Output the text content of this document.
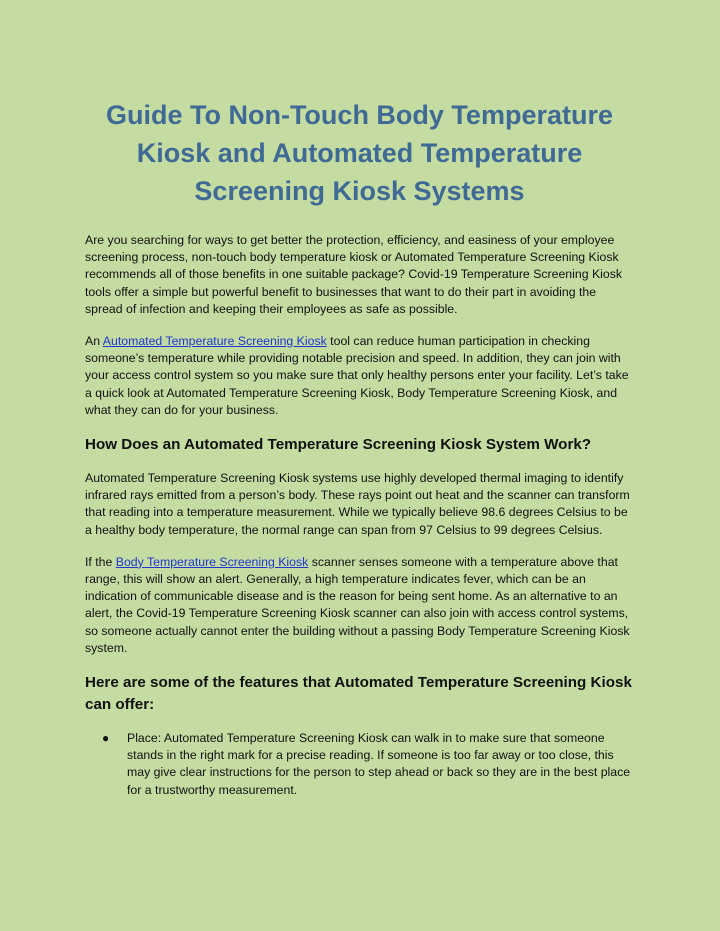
Guide To Non-Touch Body Temperature Kiosk and Automated Temperature Screening Kiosk Systems

Are you searching for ways to get better the protection, efficiency, and easiness of your employee screening process, non-touch body temperature kiosk or Automated Temperature Screening Kiosk recommends all of those benefits in one suitable package? Covid-19 Temperature Screening Kiosk tools offer a simple but powerful benefit to businesses that want to do their part in avoiding the spread of infection and keeping their employees as safe as possible.

An Automated Temperature Screening Kiosk tool can reduce human participation in checking someone’s temperature while providing notable precision and speed. In addition, they can join with your access control system so you make sure that only healthy persons enter your facility. Let’s take a quick look at Automated Temperature Screening Kiosk, Body Temperature Screening Kiosk, and what they can do for your business.

How Does an Automated Temperature Screening Kiosk System Work?

Automated Temperature Screening Kiosk systems use highly developed thermal imaging to identify infrared rays emitted from a person’s body. These rays point out heat and the scanner can transform that reading into a temperature measurement. While we typically believe 98.6 degrees Celsius to be a healthy body temperature, the normal range can span from 97 Celsius to 99 degrees Celsius.

If the Body Temperature Screening Kiosk scanner senses someone with a temperature above that range, this will show an alert. Generally, a high temperature indicates fever, which can be an indication of communicable disease and is the reason for being sent home. As an alternative to an alert, the Covid-19 Temperature Screening Kiosk scanner can also join with access control systems, so someone actually cannot enter the building without a passing Body Temperature Screening Kiosk system.

Here are some of the features that Automated Temperature Screening Kiosk can offer:
● Place: Automated Temperature Screening Kiosk can walk in to make sure that someone stands in the right mark for a precise reading. If someone is too far away or too close, this may give clear instructions for the person to step ahead or back so they are in the best place for a trustworthy measurement.
